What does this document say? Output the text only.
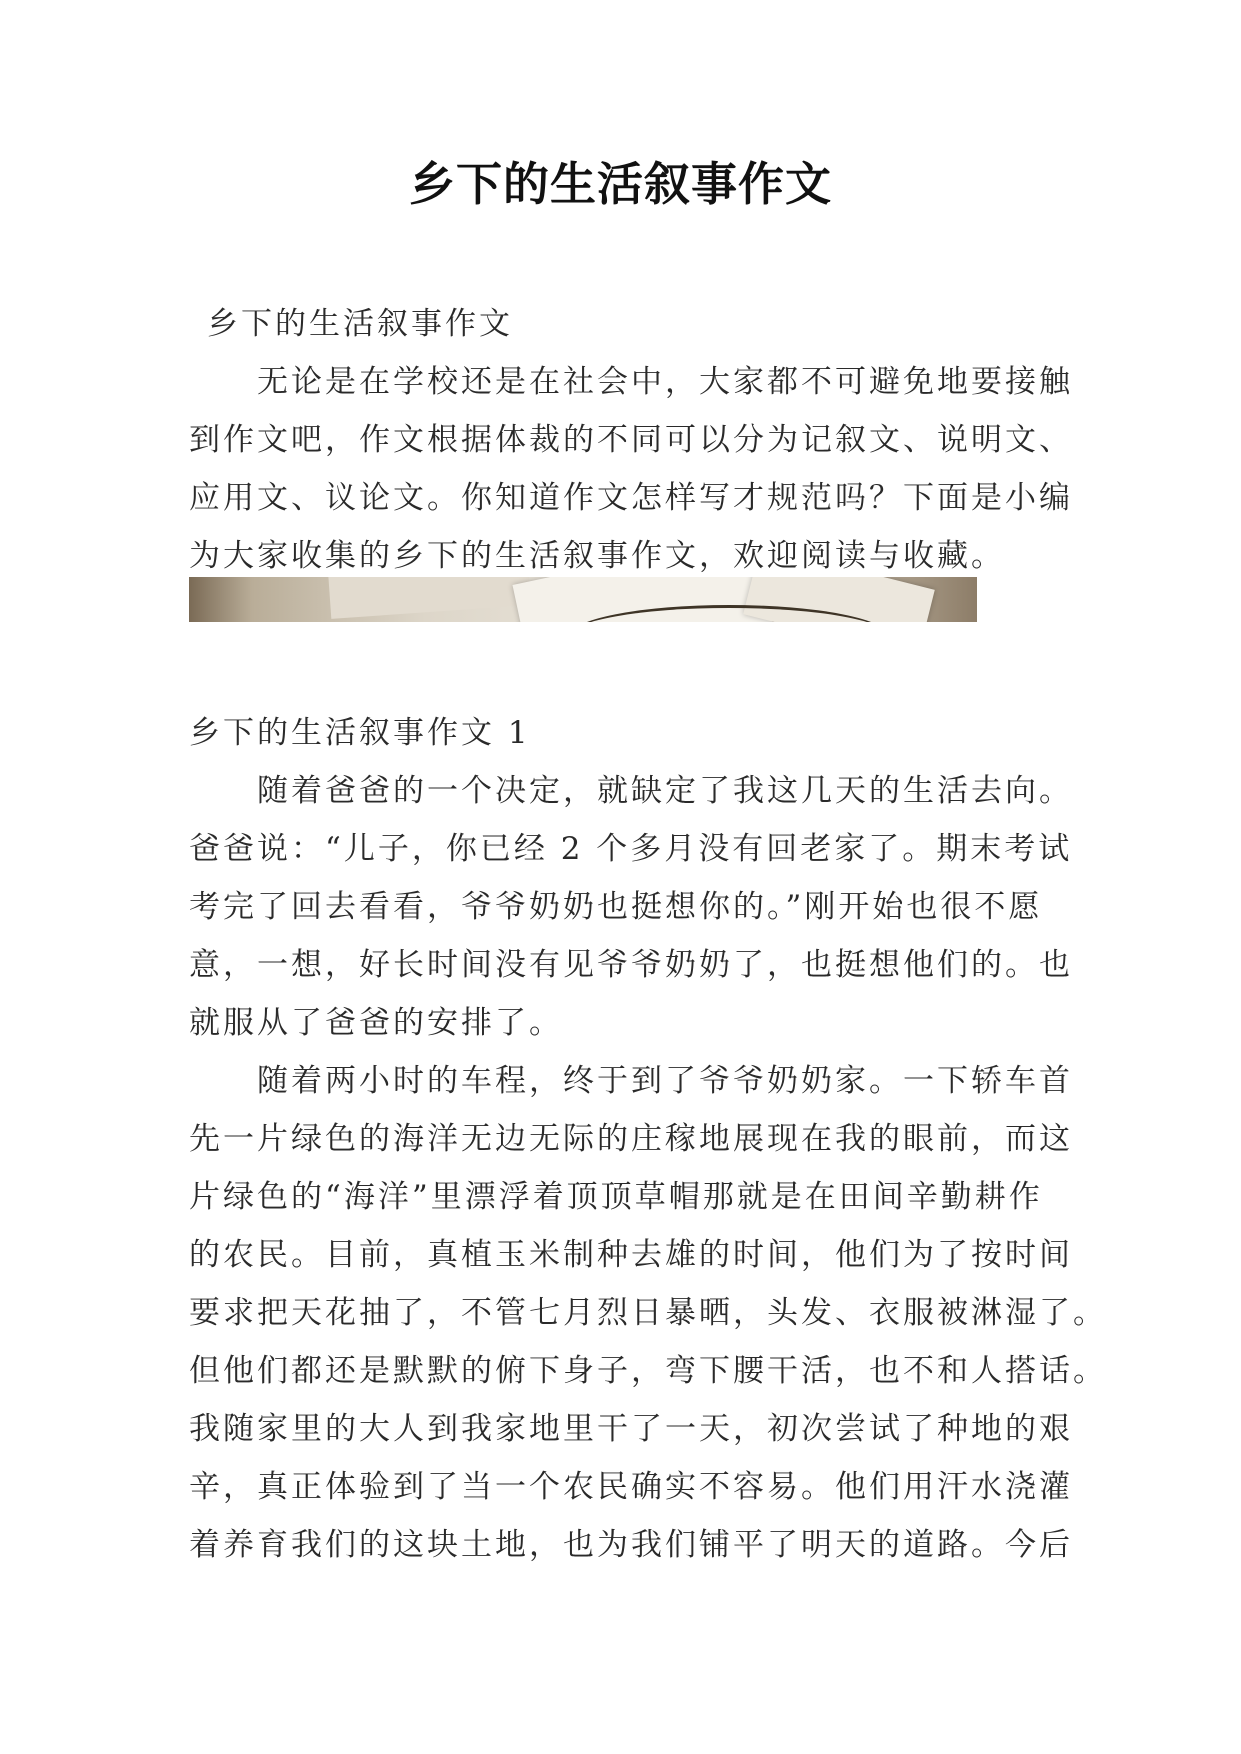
乡下的生活叙事作文
乡下的生活叙事作文
无论是在学校还是在社会中，大家都不可避免地要接触
到作文吧，作文根据体裁的不同可以分为记叙文、说明文、
应用文、议论文。你知道作文怎样写才规范吗？下面是小编
为大家收集的乡下的生活叙事作文，欢迎阅读与收藏。
乡下的生活叙事作文 1
随着爸爸的一个决定，就缺定了我这几天的生活去向。
爸爸说：“儿子，你已经 2 个多月没有回老家了。期末考试
考完了回去看看，爷爷奶奶也挺想你的。”刚开始也很不愿
意，一想，好长时间没有见爷爷奶奶了，也挺想他们的。也
就服从了爸爸的安排了。
随着两小时的车程，终于到了爷爷奶奶家。一下轿车首
先一片绿色的海洋无边无际的庄稼地展现在我的眼前，而这
片绿色的“海洋”里漂浮着顶顶草帽那就是在田间辛勤耕作
的农民。目前，真植玉米制种去雄的时间，他们为了按时间
要求把天花抽了，不管七月烈日暴晒，头发、衣服被淋湿了。
但他们都还是默默的俯下身子，弯下腰干活，也不和人搭话。
我随家里的大人到我家地里干了一天，初次尝试了种地的艰
辛，真正体验到了当一个农民确实不容易。他们用汗水浇灌
着养育我们的这块土地，也为我们铺平了明天的道路。今后
